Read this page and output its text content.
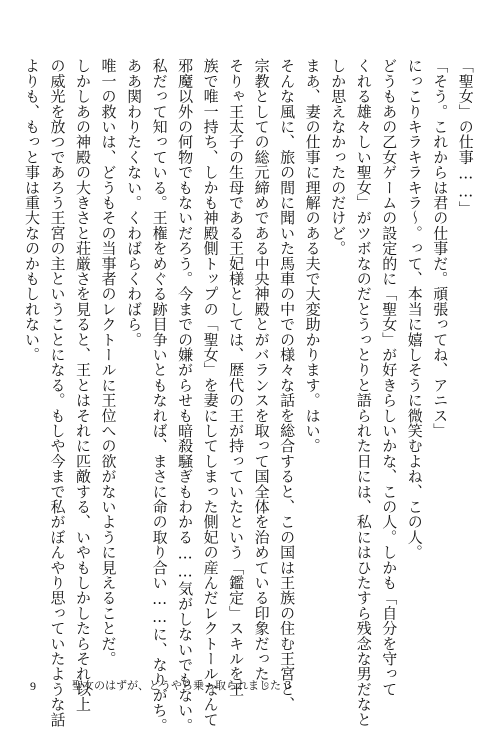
「聖女」の仕事……」
「そう。これからは君の仕事だ。頑張ってね、アニス」
にっこりキラキラキラ〜。って、本当に嬉しそうに微笑むよね、この人。
どうもあの乙女ゲームの設定的に「聖女」が好きらしいかな、この人。しかも「自分を守って
くれる雄々しい聖女」がツボなのだとうっとりと語られた日には、私にはひたすら残念な男だなと
しか思えなかったのだけど。
まあ、妻の仕事に理解のある夫で大変助かります。はい。
そんな風に、旅の間に聞いた馬車の中での様々な話を総合すると、この国は王族の住む王宮と、
宗教としての総元締めである中央神殿とがバランスを取って国全体を治めている印象だった。
そりゃ王太子の生母である王妃様としては、歴代の王が持っていたという「鑑定」スキルを王
族で唯一持ち、しかも神殿側トップの「聖女」を妻にしてしまった側妃の産んだレクトールなんて
邪魔以外の何物でもないだろう。今までの嫌がらせも暗殺騒ぎもわかる……気がしないでもない。
私だって知っている。王権をめぐる跡目争いともなれば、まさに命の取り合い……に、なりがち。
ああ関わりたくない。くわばらくわばら。
唯一の救いは、どうもその当事者のレクトールに王位への欲がないように見えることだ。
しかしあの神殿の大きさと荘厳さを見ると、王とはそれに匹敵する、いやもしかしたらそれ以上
の威光を放つであろう王宮の主ということになる。もしや今まで私がぼんやり思っていたような話
よりも、もっと事は重大なのかもしれない。
9	聖女のはずが、どうやら乗っ取られました 3
